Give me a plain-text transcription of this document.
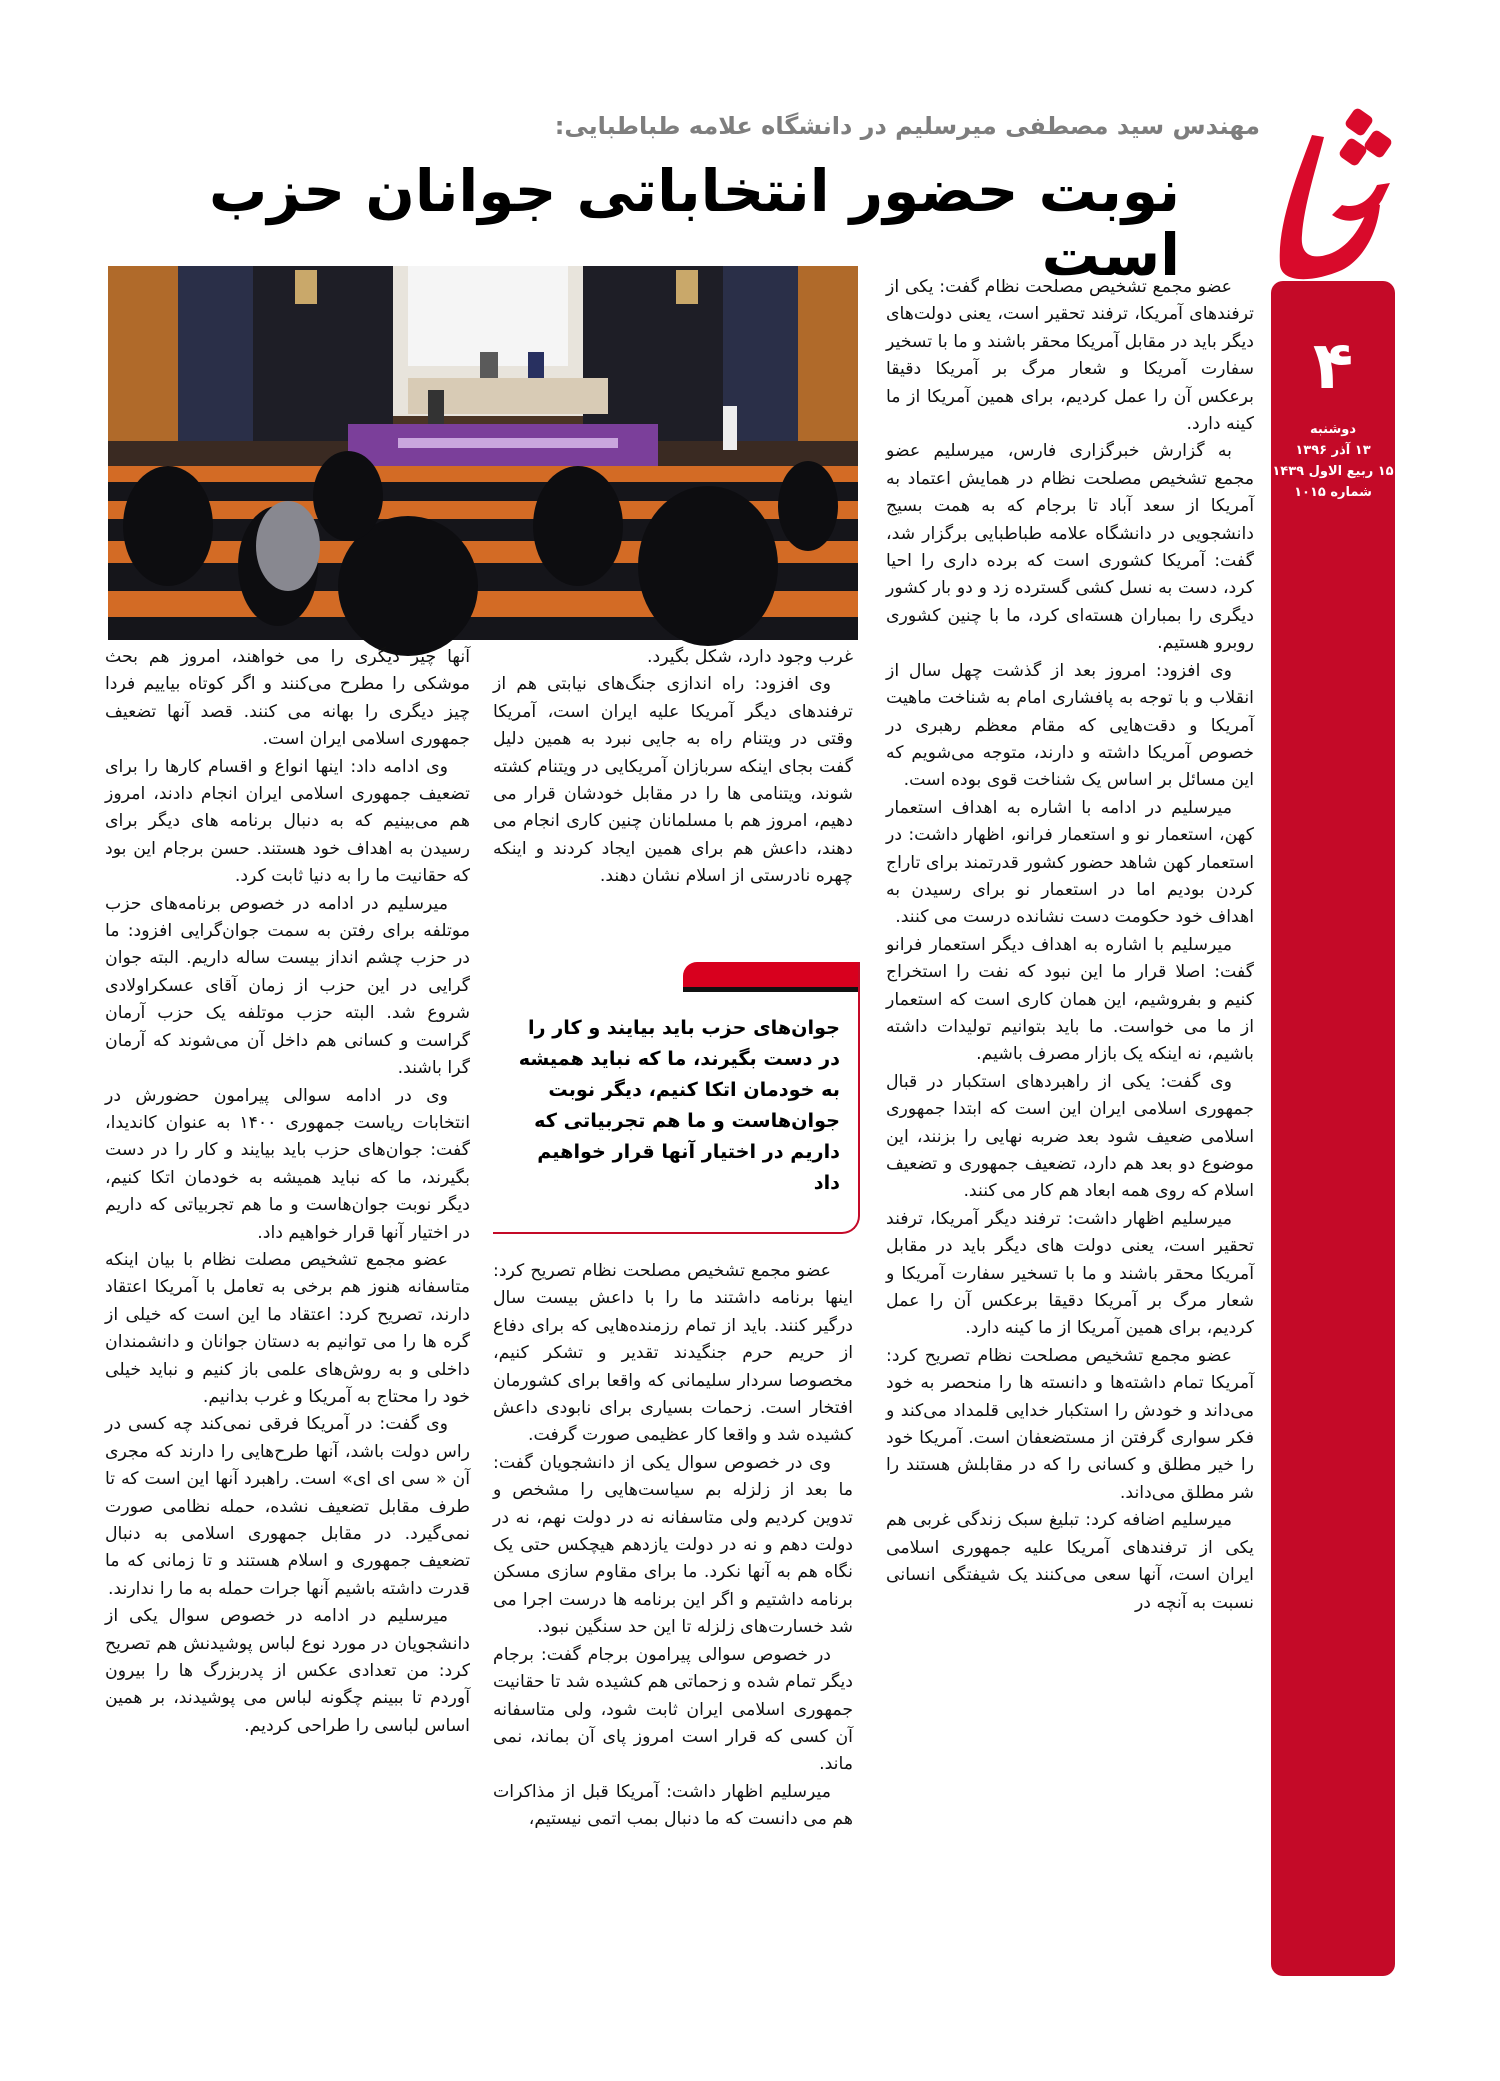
شما
۴
دوشنبه
۱۳ آذر ۱۳۹۶
۱۵ ربیع الاول ۱۴۳۹
شماره ۱۰۱۵
مهندس سید مصطفی میرسلیم در دانشگاه علامه طباطبایی:
نوبت حضور انتخاباتی جوانان حزب است

عضو مجمع تشخیص مصلحت نظام گفت: یکی از ترفندهای آمریکا، ترفند تحقیر است، یعنی دولت‌های دیگر باید در مقابل آمریکا محقر باشند و ما با تسخیر سفارت آمریکا و شعار مرگ بر آمریکا دقیقا برعکس آن را عمل کردیم، برای همین آمریکا از ما کینه دارد.

به گزارش خبرگزاری فارس، میرسلیم عضو مجمع تشخیص مصلحت نظام در همایش اعتماد به آمریکا از سعد آباد تا برجام که به همت بسیج دانشجویی در دانشگاه علامه طباطبایی برگزار شد، گفت: آمریکا کشوری است که برده داری را احیا کرد، دست به نسل کشی گسترده زد و دو بار کشور دیگری را بمباران هسته‌ای کرد، ما با چنین کشوری روبرو هستیم.

وی افزود: امروز بعد از گذشت چهل سال از انقلاب و با توجه به پافشاری امام به شناخت ماهیت آمریکا و دقت‌هایی که مقام معظم رهبری در خصوص آمریکا داشته و دارند، متوجه می‌شویم که این مسائل بر اساس یک شناخت قوی بوده است.

میرسلیم در ادامه با اشاره به اهداف استعمار کهن، استعمار نو و استعمار فرانو، اظهار داشت: در استعمار کهن شاهد حضور کشور قدرتمند برای تاراج کردن بودیم اما در استعمار نو برای رسیدن به اهداف خود حکومت دست نشانده درست می کنند.

میرسلیم با اشاره به اهداف دیگر استعمار فرانو گفت: اصلا قرار ما این نبود که نفت را استخراج کنیم و بفروشیم، این همان کاری است که استعمار از ما می خواست. ما باید بتوانیم تولیدات داشته باشیم، نه اینکه یک بازار مصرف باشیم.

وی گفت: یکی از راهبردهای استکبار در قبال جمهوری اسلامی ایران این است که ابتدا جمهوری اسلامی ضعیف شود بعد ضربه نهایی را بزنند، این موضوع دو بعد هم دارد، تضعیف جمهوری و تضعیف اسلام که روی همه ابعاد هم کار می کنند.

میرسلیم اظهار داشت: ترفند دیگر آمریکا، ترفند تحقیر است، یعنی دولت های دیگر باید در مقابل آمریکا محقر باشند و ما با تسخیر سفارت آمریکا و شعار مرگ بر آمریکا دقیقا برعکس آن را عمل کردیم، برای همین آمریکا از ما کینه دارد.

عضو مجمع تشخیص مصلحت نظام تصریح کرد: آمریکا تمام داشته‌ها و دانسته ها را منحصر به خود می‌داند و خودش را استکبار خدایی قلمداد می‌کند و فکر سواری گرفتن از مستضعفان است. آمریکا خود را خیر مطلق و کسانی را که در مقابلش هستند را شر مطلق می‌داند.

میرسلیم اضافه کرد: تبلیغ سبک زندگی غربی هم یکی از ترفندهای آمریکا علیه جمهوری اسلامی ایران است، آنها سعی می‌کنند یک شیفتگی انسانی نسبت به آنچه در

غرب وجود دارد، شکل بگیرد.

وی افزود: راه اندازی جنگ‌های نیابتی هم از ترفندهای دیگر آمریکا علیه ایران است، آمریکا وقتی در ویتنام راه به جایی نبرد به همین دلیل گفت بجای اینکه سربازان آمریکایی در ویتنام کشته شوند، ویتنامی ها را در مقابل خودشان قرار می دهیم، امروز هم با مسلمانان چنین کاری انجام می دهند، داعش هم برای همین ایجاد کردند و اینکه چهره نادرستی از اسلام نشان دهند.

جوان‌های حزب باید بیایند و کار را در دست بگیرند، ما که نباید همیشه به خودمان اتکا کنیم، دیگر نوبت جوان‌هاست و ما هم تجربیاتی که داریم در اختیار آنها قرار خواهیم داد

عضو مجمع تشخیص مصلحت نظام تصریح کرد: اینها برنامه داشتند ما را با داعش بیست سال درگیر کنند. باید از تمام رزمنده‌هایی که برای دفاع از حریم حرم جنگیدند تقدیر و تشکر کنیم، مخصوصا سردار سلیمانی که واقعا برای کشورمان افتخار است. زحمات بسیاری برای نابودی داعش کشیده شد و واقعا کار عظیمی صورت گرفت.

وی در خصوص سوال یکی از دانشجویان گفت: ما بعد از زلزله بم سیاست‌هایی را مشخص و تدوین کردیم ولی متاسفانه نه در دولت نهم، نه در دولت دهم و نه در دولت یازدهم هیچکس حتی یک نگاه هم به آنها نکرد. ما برای مقاوم سازی مسکن برنامه داشتیم و اگر این برنامه ها درست اجرا می شد خسارت‌های زلزله تا این حد سنگین نبود.

در خصوص سوالی پیرامون برجام گفت: برجام دیگر تمام شده و زحماتی هم کشیده شد تا حقانیت جمهوری اسلامی ایران ثابت شود، ولی متاسفانه آن کسی که قرار است امروز پای آن بماند، نمی ماند.

میرسلیم اظهار داشت: آمریکا قبل از مذاکرات هم می دانست که ما دنبال بمب اتمی نیستیم،

آنها چیز دیگری را می خواهند، امروز هم بحث موشکی را مطرح می‌کنند و اگر کوتاه بیاییم فردا چیز دیگری را بهانه می کنند. قصد آنها تضعیف جمهوری اسلامی ایران است.

وی ادامه داد: اینها انواع و اقسام کارها را برای تضعیف جمهوری اسلامی ایران انجام دادند، امروز هم می‌بینیم که به دنبال برنامه های دیگر برای رسیدن به اهداف خود هستند. حسن برجام این بود که حقانیت ما را به دنیا ثابت کرد.

میرسلیم در ادامه در خصوص برنامه‌های حزب موتلفه برای رفتن به سمت جوان‌گرایی افزود: ما در حزب چشم انداز بیست ساله داریم. البته جوان گرایی در این حزب از زمان آقای عسکراولادی شروع شد. البته حزب موتلفه یک حزب آرمان گراست و کسانی هم داخل آن می‌شوند که آرمان گرا باشند.

وی در ادامه سوالی پیرامون حضورش در انتخابات ریاست جمهوری ۱۴۰۰ به عنوان کاندیدا، گفت: جوان‌های حزب باید بیایند و کار را در دست بگیرند، ما که نباید همیشه به خودمان اتکا کنیم، دیگر نوبت جوان‌هاست و ما هم تجربیاتی که داریم در اختیار آنها قرار خواهیم داد.

عضو مجمع تشخیص مصلت نظام با بیان اینکه متاسفانه هنوز هم برخی به تعامل با آمریکا اعتقاد دارند، تصریح کرد: اعتقاد ما این است که خیلی از گره ها را می توانیم به دستان جوانان و دانشمندان داخلی و به روش‌های علمی باز کنیم و نباید خیلی خود را محتاج به آمریکا و غرب بدانیم.

وی گفت: در آمریکا فرقی نمی‌کند چه کسی در راس دولت باشد، آنها طرح‌هایی را دارند که مجری آن « سی ای ای» است. راهبرد آنها این است که تا طرف مقابل تضعیف نشده، حمله نظامی صورت نمی‌گیرد. در مقابل جمهوری اسلامی به دنبال تضعیف جمهوری و اسلام هستند و تا زمانی که ما قدرت داشته باشیم آنها جرات حمله به ما را ندارند.

میرسلیم در ادامه در خصوص سوال یکی از دانشجویان در مورد نوع لباس پوشیدنش هم تصریح کرد: من تعدادی عکس از پدربزرگ ها را بیرون آوردم تا ببینم چگونه لباس می پوشیدند، بر همین اساس لباسی را طراحی کردیم.
